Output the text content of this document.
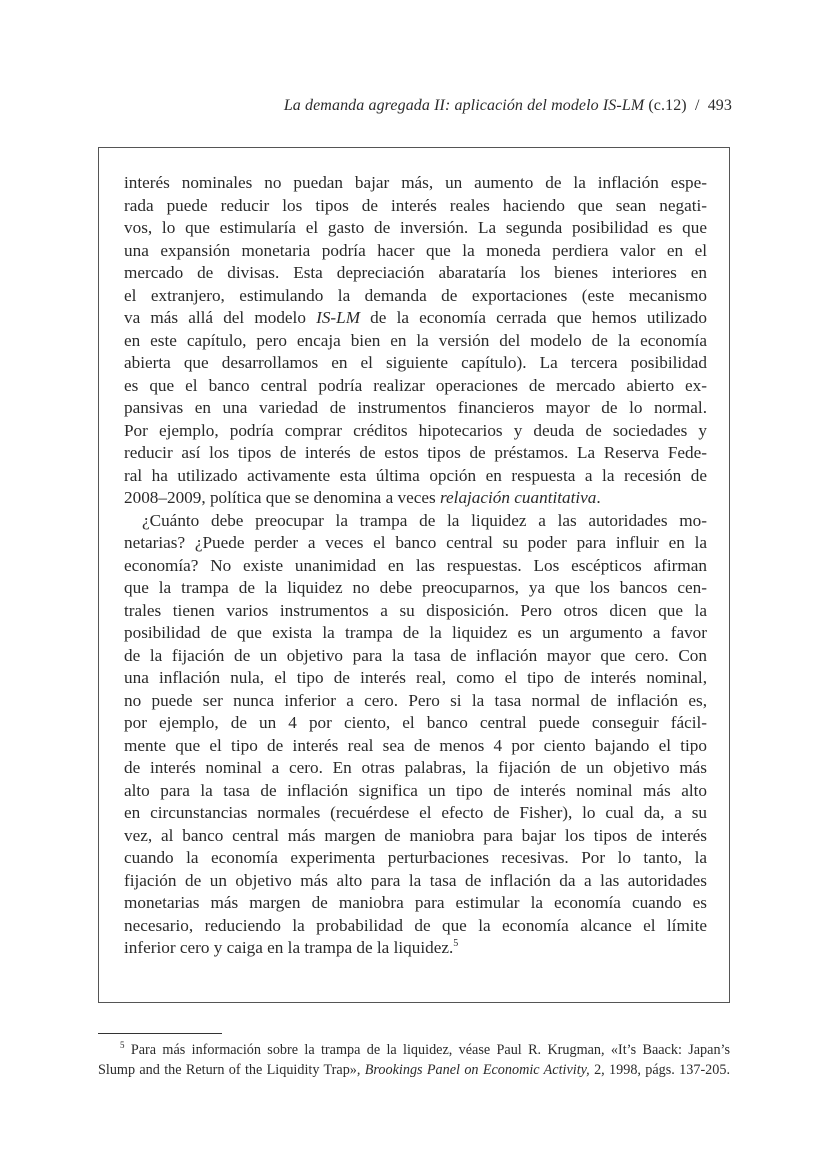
La demanda agregada II: aplicación del modelo IS-LM (c.12) / 493
interés nominales no puedan bajar más, un aumento de la inflación espe-
rada puede reducir los tipos de interés reales haciendo que sean negati-
vos, lo que estimularía el gasto de inversión. La segunda posibilidad es que
una expansión monetaria podría hacer que la moneda perdiera valor en el
mercado de divisas. Esta depreciación abarataría los bienes interiores en
el extranjero, estimulando la demanda de exportaciones (este mecanismo
va más allá del modelo IS-LM de la economía cerrada que hemos utilizado
en este capítulo, pero encaja bien en la versión del modelo de la economía
abierta que desarrollamos en el siguiente capítulo). La tercera posibilidad
es que el banco central podría realizar operaciones de mercado abierto ex-
pansivas en una variedad de instrumentos financieros mayor de lo normal.
Por ejemplo, podría comprar créditos hipotecarios y deuda de sociedades y
reducir así los tipos de interés de estos tipos de préstamos. La Reserva Fede-
ral ha utilizado activamente esta última opción en respuesta a la recesión de
2008–2009, política que se denomina a veces relajación cuantitativa.
¿Cuánto debe preocupar la trampa de la liquidez a las autoridades mo-
netarias? ¿Puede perder a veces el banco central su poder para influir en la
economía? No existe unanimidad en las respuestas. Los escépticos afirman
que la trampa de la liquidez no debe preocuparnos, ya que los bancos cen-
trales tienen varios instrumentos a su disposición. Pero otros dicen que la
posibilidad de que exista la trampa de la liquidez es un argumento a favor
de la fijación de un objetivo para la tasa de inflación mayor que cero. Con
una inflación nula, el tipo de interés real, como el tipo de interés nominal,
no puede ser nunca inferior a cero. Pero si la tasa normal de inflación es,
por ejemplo, de un 4 por ciento, el banco central puede conseguir fácil-
mente que el tipo de interés real sea de menos 4 por ciento bajando el tipo
de interés nominal a cero. En otras palabras, la fijación de un objetivo más
alto para la tasa de inflación significa un tipo de interés nominal más alto
en circunstancias normales (recuérdese el efecto de Fisher), lo cual da, a su
vez, al banco central más margen de maniobra para bajar los tipos de interés
cuando la economía experimenta perturbaciones recesivas. Por lo tanto, la
fijación de un objetivo más alto para la tasa de inflación da a las autoridades
monetarias más margen de maniobra para estimular la economía cuando es
necesario, reduciendo la probabilidad de que la economía alcance el límite
inferior cero y caiga en la trampa de la liquidez.$^5$
$^5$ Para más información sobre la trampa de la liquidez, véase Paul R. Krugman, «It’s Baack: Japan’s
Slump and the Return of the Liquidity Trap», Brookings Panel on Economic Activity, 2, 1998, págs. 137-205.
